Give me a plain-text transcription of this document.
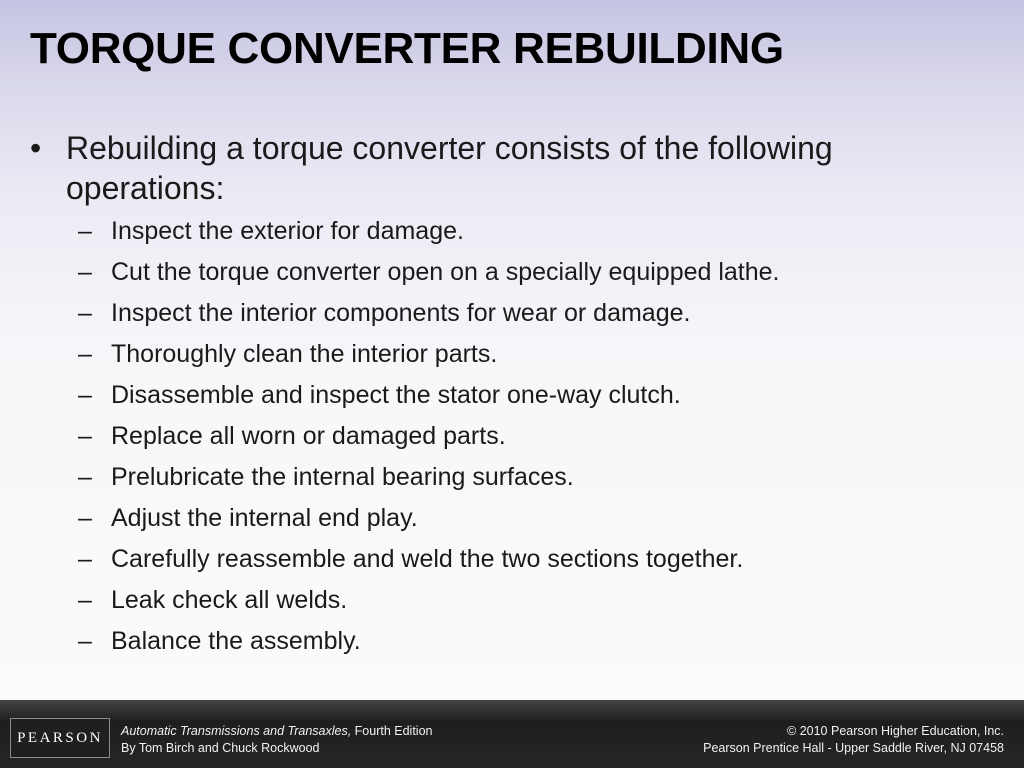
TORQUE CONVERTER REBUILDING
• Rebuilding a torque converter consists of the following operations:
– Inspect the exterior for damage.
– Cut the torque converter open on a specially equipped lathe.
– Inspect the interior components for wear or damage.
– Thoroughly clean the interior parts.
– Disassemble and inspect the stator one-way clutch.
– Replace all worn or damaged parts.
– Prelubricate the internal bearing surfaces.
– Adjust the internal end play.
– Carefully reassemble and weld the two sections together.
– Leak check all welds.
– Balance the assembly.
PEARSON	Automatic Transmissions and Transaxles, Fourth Edition
By Tom Birch and Chuck Rockwood
© 2010 Pearson Higher Education, Inc.
Pearson Prentice Hall - Upper Saddle River, NJ 07458
